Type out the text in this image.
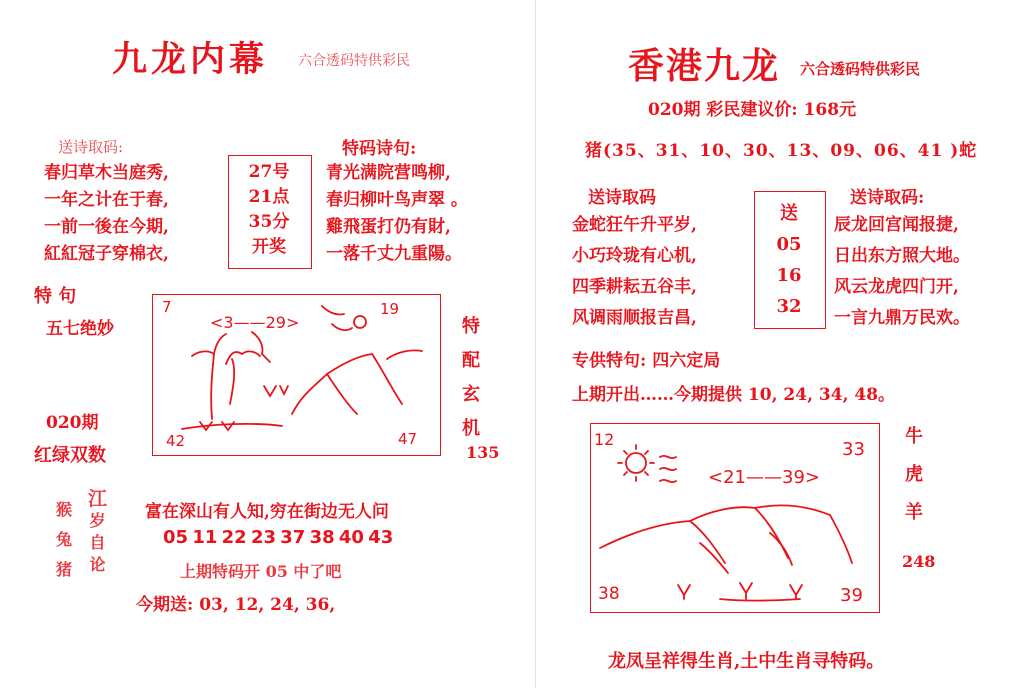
九龙内幕 六合透码特供彩民
送诗取码:
春归草木当庭秀,
一年之计在于春,
一前一後在今期,
紅紅冠子穿棉衣,
27号
21点
35分
开奖
特码诗句:
青光满院营鸣柳,
春归柳叶鸟声翠 。
雞飛蛋打仍有財,
一落千丈九重陽。
特 句
五七绝妙
7
<3——29>
19
42	47
特
配
玄
机
135
020期
红绿双数
猴
兔
猪
江
岁
自
论
富在深山有人知,穷在街边无人问
05 11 22 23 37 38 40 43
上期特码开 05 中了吧
今期送: 03, 12, 24, 36,
香港九龙 六合透码特供彩民
020期 彩民建议价: 168元
猪(35、31、10、30、13、09、06、41 )蛇
送诗取码
金蛇狂午升平岁,
小巧玲珑有心机,
四季耕耘五谷丰,
风调雨顺报吉昌,
送
05
16
32
送诗取码:
辰龙回宫闻报捷,
日出东方照大地。
风云龙虎四门开,
一言九鼎万民欢。
专供特句: 四六定局
上期开出……今期提供 10, 24, 34, 48。
12
<21——39>
33
38	39
牛
虎
羊
248
龙凤呈祥得生肖,土中生肖寻特码。
